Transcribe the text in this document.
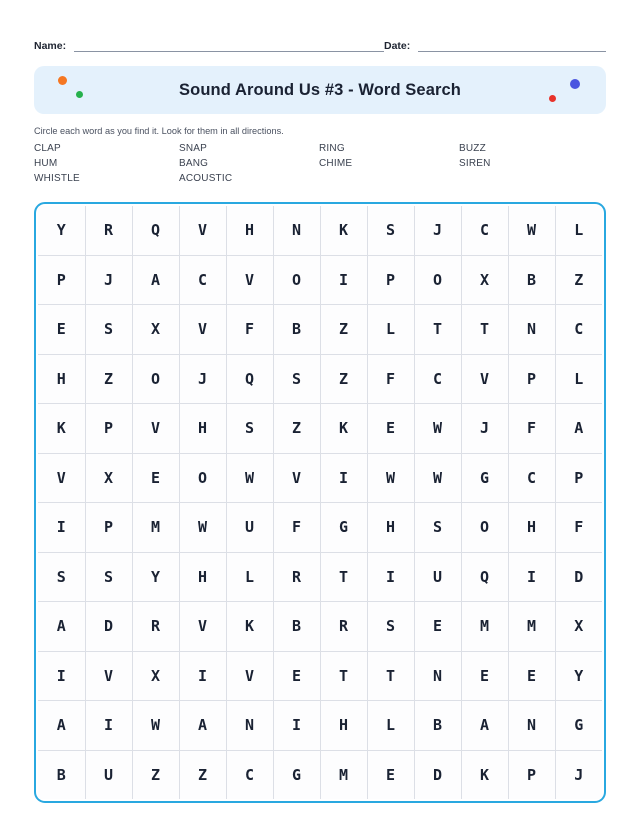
Name:	Date:
Sound Around Us #3 - Word Search
Circle each word as you find it. Look for them in all directions.
CLAP	SNAP	RING	BUZZ
HUM	BANG	CHIME	SIREN
WHISTLE	ACOUSTIC
Y	R	Q	V	H	N	K	S	J	C	W	L
P	J	A	C	V	O	I	P	O	X	B	Z
E	S	X	V	F	B	Z	L	T	T	N	C
H	Z	O	J	Q	S	Z	F	C	V	P	L
K	P	V	H	S	Z	K	E	W	J	F	A
V	X	E	O	W	V	I	W	W	G	C	P
I	P	M	W	U	F	G	H	S	O	H	F
S	S	Y	H	L	R	T	I	U	Q	I	D
A	D	R	V	K	B	R	S	E	M	M	X
I	V	X	I	V	E	T	T	N	E	E	Y
A	I	W	A	N	I	H	L	B	A	N	G
B	U	Z	Z	C	G	M	E	D	K	P	J
